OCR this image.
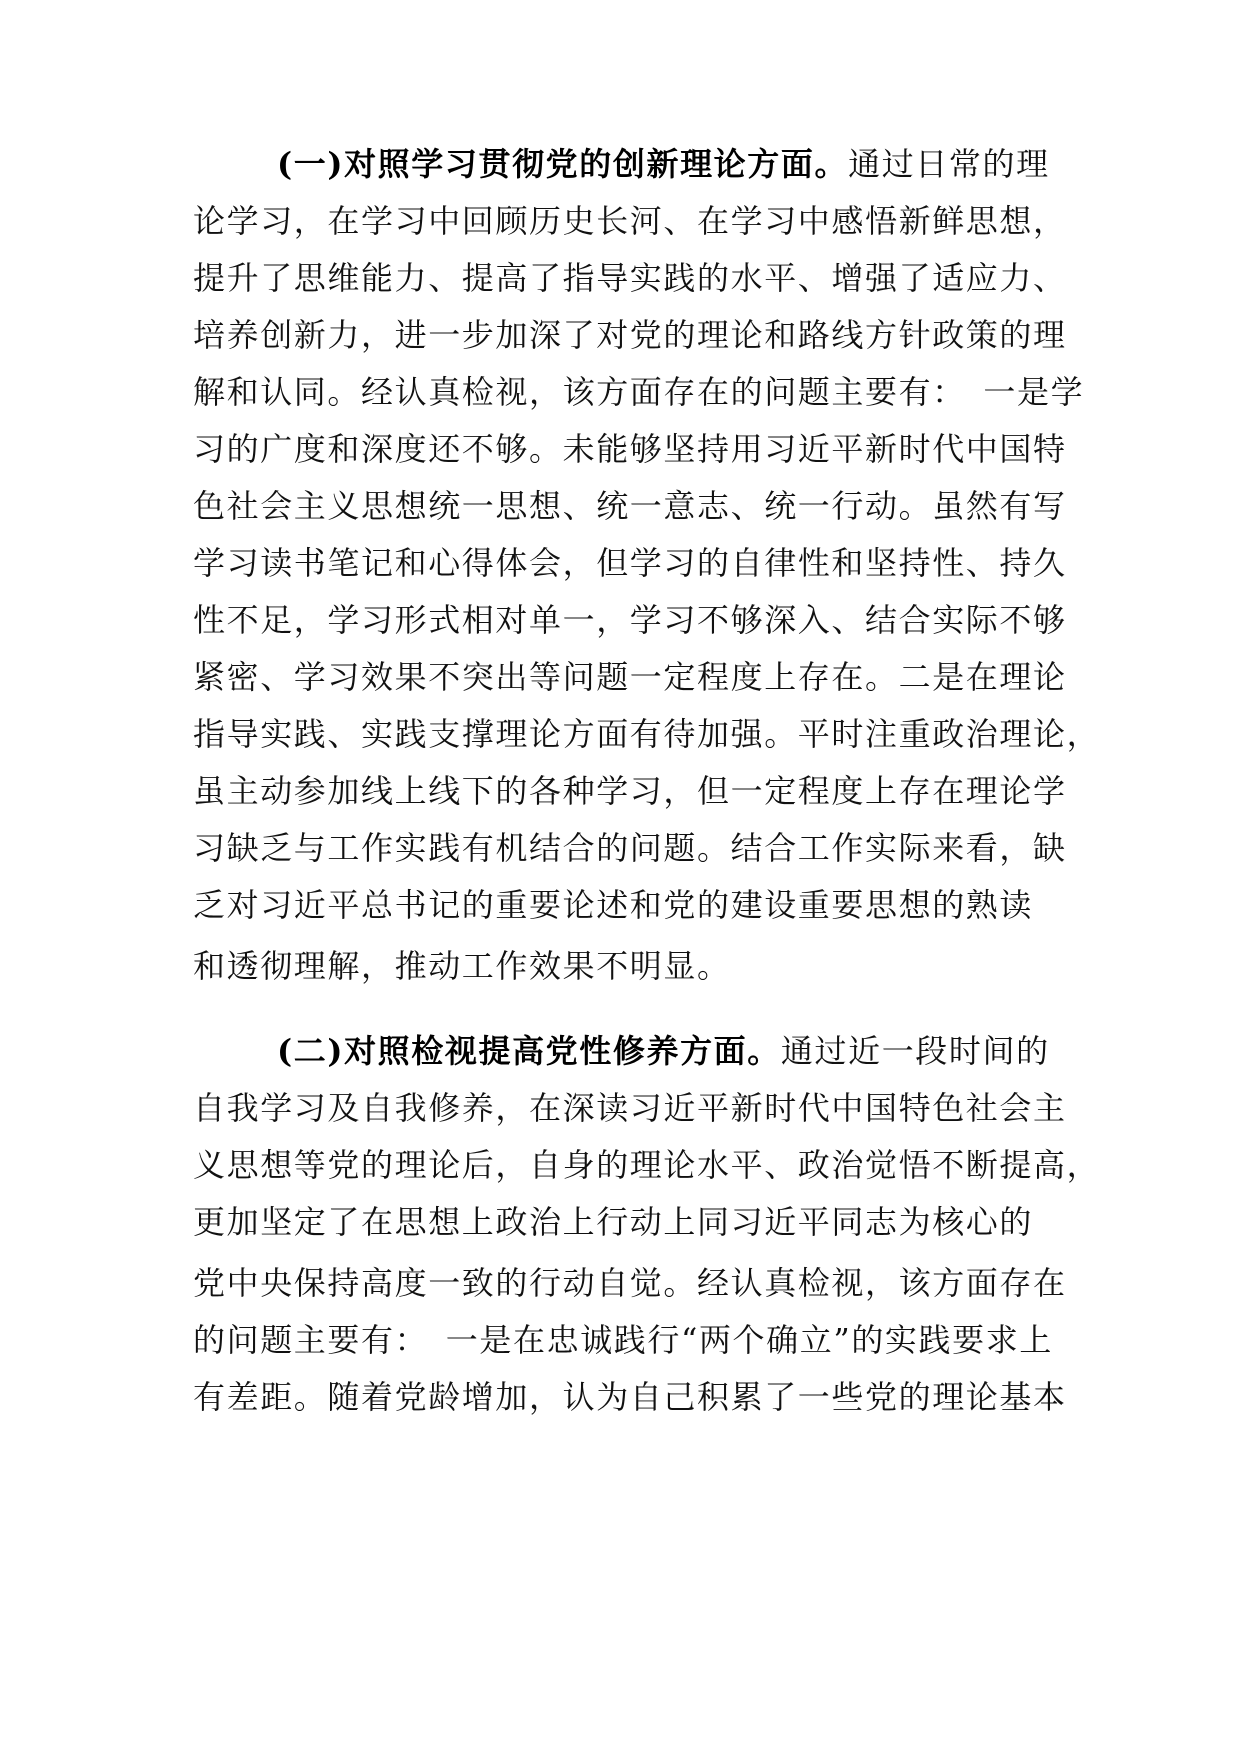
(一)对照学习贯彻党的创新理论方面。通过日常的理
论学习，在学习中回顾历史长河、在学习中感悟新鲜思想，
提升了思维能力、提高了指导实践的水平、增强了适应力、
培养创新力，进一步加深了对党的理论和路线方针政策的理
解和认同。经认真检视，该方面存在的问题主要有：　一是学
习的广度和深度还不够。未能够坚持用习近平新时代中国特
色社会主义思想统一思想、统一意志、统一行动。虽然有写
学习读书笔记和心得体会，但学习的自律性和坚持性、持久
性不足，学习形式相对单一，学习不够深入、结合实际不够
紧密、学习效果不突出等问题一定程度上存在。二是在理论
指导实践、实践支撑理论方面有待加强。平时注重政治理论，
虽主动参加线上线下的各种学习，但一定程度上存在理论学
习缺乏与工作实践有机结合的问题。结合工作实际来看，缺
乏对习近平总书记的重要论述和党的建设重要思想的熟读
和透彻理解，推动工作效果不明显。
(二)对照检视提高党性修养方面。通过近一段时间的
自我学习及自我修养，在深读习近平新时代中国特色社会主
义思想等党的理论后，自身的理论水平、政治觉悟不断提高，
更加坚定了在思想上政治上行动上同习近平同志为核心的
党中央保持高度一致的行动自觉。经认真检视，该方面存在
的问题主要有：　一是在忠诚践行“两个确立”的实践要求上
有差距。随着党龄增加，认为自己积累了一些党的理论基本
